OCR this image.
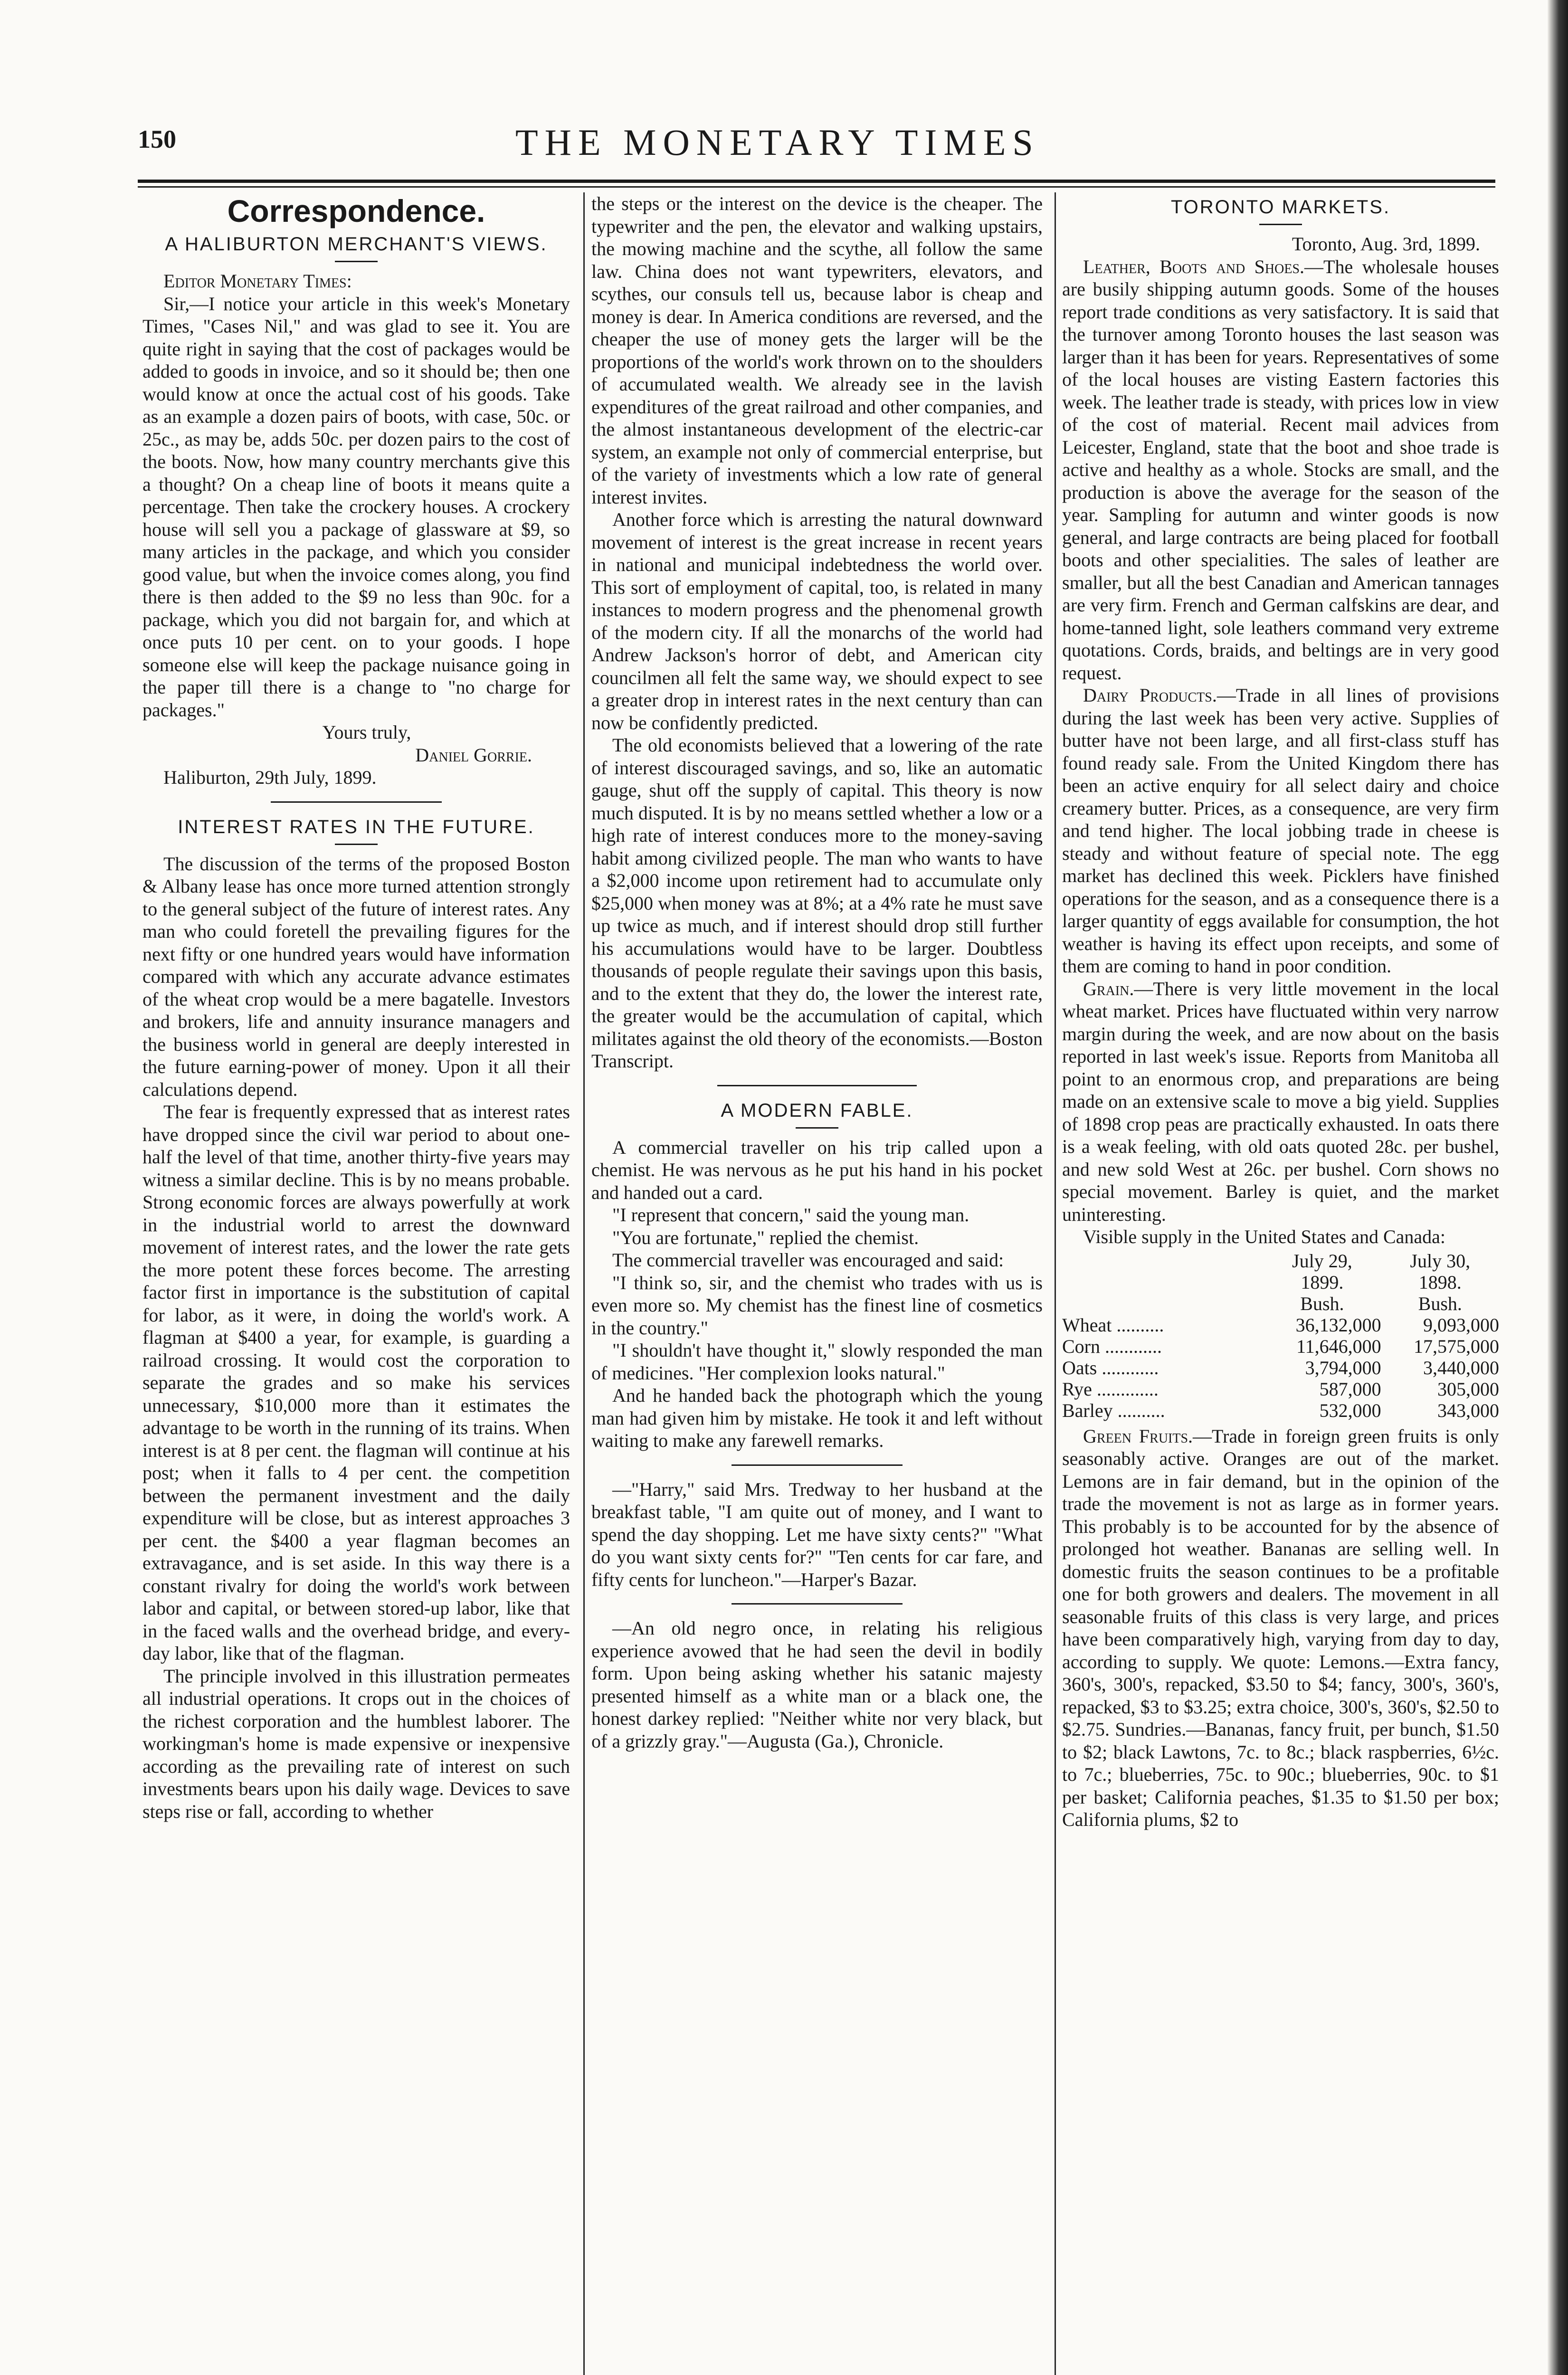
150	THE MONETARY TIMES
Correspondence.
A HALIBURTON MERCHANT'S VIEWS.

Editor Monetary Times:

Sir,—I notice your article in this week's Monetary Times, "Cases Nil," and was glad to see it. You are quite right in saying that the cost of packages would be added to goods in invoice, and so it should be; then one would know at once the actual cost of his goods. Take as an example a dozen pairs of boots, with case, 50c. or 25c., as may be, adds 50c. per dozen pairs to the cost of the boots. Now, how many country merchants give this a thought? On a cheap line of boots it means quite a percentage. Then take the crockery houses. A crockery house will sell you a package of glassware at $9, so many articles in the package, and which you consider good value, but when the invoice comes along, you find there is then added to the $9 no less than 90c. for a package, which you did not bargain for, and which at once puts 10 per cent. on to your goods. I hope someone else will keep the package nuisance going in the paper till there is a change to "no charge for packages."

Yours truly,

Daniel Gorrie.

Haliburton, 29th July, 1899.

INTEREST RATES IN THE FUTURE.

The discussion of the terms of the proposed Boston & Albany lease has once more turned attention strongly to the general subject of the future of interest rates. Any man who could foretell the prevailing figures for the next fifty or one hundred years would have information compared with which any accurate advance estimates of the wheat crop would be a mere bagatelle. Investors and brokers, life and annuity insurance managers and the business world in general are deeply interested in the future earning-power of money. Upon it all their calculations depend.

The fear is frequently expressed that as interest rates have dropped since the civil war period to about one-half the level of that time, another thirty-five years may witness a similar decline. This is by no means probable. Strong economic forces are always powerfully at work in the industrial world to arrest the downward movement of interest rates, and the lower the rate gets the more potent these forces become. The arresting factor first in importance is the substitution of capital for labor, as it were, in doing the world's work. A flagman at $400 a year, for example, is guarding a railroad crossing. It would cost the corporation to separate the grades and so make his services unnecessary, $10,000 more than it estimates the advantage to be worth in the running of its trains. When interest is at 8 per cent. the flagman will continue at his post; when it falls to 4 per cent. the competition between the permanent investment and the daily expenditure will be close, but as interest approaches 3 per cent. the $400 a year flagman becomes an extravagance, and is set aside. In this way there is a constant rivalry for doing the world's work between labor and capital, or between stored-up labor, like that in the faced walls and the overhead bridge, and every-day labor, like that of the flagman.

The principle involved in this illustration permeates all industrial operations. It crops out in the choices of the richest corporation and the humblest laborer. The workingman's home is made expensive or inexpensive according as the prevailing rate of interest on such investments bears upon his daily wage. Devices to save steps rise or fall, according to whether

the steps or the interest on the device is the cheaper. The typewriter and the pen, the elevator and walking upstairs, the mowing machine and the scythe, all follow the same law. China does not want typewriters, elevators, and scythes, our consuls tell us, because labor is cheap and money is dear. In America conditions are reversed, and the cheaper the use of money gets the larger will be the proportions of the world's work thrown on to the shoulders of accumulated wealth. We already see in the lavish expenditures of the great railroad and other companies, and the almost instantaneous development of the electric-car system, an example not only of commercial enterprise, but of the variety of investments which a low rate of general interest invites.

Another force which is arresting the natural downward movement of interest is the great increase in recent years in national and municipal indebtedness the world over. This sort of employment of capital, too, is related in many instances to modern progress and the phenomenal growth of the modern city. If all the monarchs of the world had Andrew Jackson's horror of debt, and American city councilmen all felt the same way, we should expect to see a greater drop in interest rates in the next century than can now be confidently predicted.

The old economists believed that a lowering of the rate of interest discouraged savings, and so, like an automatic gauge, shut off the supply of capital. This theory is now much disputed. It is by no means settled whether a low or a high rate of interest conduces more to the money-saving habit among civilized people. The man who wants to have a $2,000 income upon retirement had to accumulate only $25,000 when money was at 8%; at a 4% rate he must save up twice as much, and if interest should drop still further his accumulations would have to be larger. Doubtless thousands of people regulate their savings upon this basis, and to the extent that they do, the lower the interest rate, the greater would be the accumulation of capital, which militates against the old theory of the economists.—Boston Transcript.

A MODERN FABLE.

A commercial traveller on his trip called upon a chemist. He was nervous as he put his hand in his pocket and handed out a card.

"I represent that concern," said the young man.

"You are fortunate," replied the chemist.

The commercial traveller was encouraged and said:

"I think so, sir, and the chemist who trades with us is even more so. My chemist has the finest line of cosmetics in the country."

"I shouldn't have thought it," slowly responded the man of medicines. "Her complexion looks natural."

And he handed back the photograph which the young man had given him by mistake. He took it and left without waiting to make any farewell remarks.

—"Harry," said Mrs. Tredway to her husband at the breakfast table, "I am quite out of money, and I want to spend the day shopping. Let me have sixty cents?" "What do you want sixty cents for?" "Ten cents for car fare, and fifty cents for luncheon."—Harper's Bazar.

—An old negro once, in relating his religious experience avowed that he had seen the devil in bodily form. Upon being asking whether his satanic majesty presented himself as a white man or a black one, the honest darkey replied: "Neither white nor very black, but of a grizzly gray."—Augusta (Ga.), Chronicle.

TORONTO MARKETS.

Toronto, Aug. 3rd, 1899.

Leather, Boots and Shoes.—The wholesale houses are busily shipping autumn goods. Some of the houses report trade conditions as very satisfactory. It is said that the turnover among Toronto houses the last season was larger than it has been for years. Representatives of some of the local houses are visting Eastern factories this week. The leather trade is steady, with prices low in view of the cost of material. Recent mail advices from Leicester, England, state that the boot and shoe trade is active and healthy as a whole. Stocks are small, and the production is above the average for the season of the year. Sampling for autumn and winter goods is now general, and large contracts are being placed for football boots and other specialities. The sales of leather are smaller, but all the best Canadian and American tannages are very firm. French and German calfskins are dear, and home-tanned light, sole leathers command very extreme quotations. Cords, braids, and beltings are in very good request.

Dairy Products.—Trade in all lines of provisions during the last week has been very active. Supplies of butter have not been large, and all first-class stuff has found ready sale. From the United Kingdom there has been an active enquiry for all select dairy and choice creamery butter. Prices, as a consequence, are very firm and tend higher. The local jobbing trade in cheese is steady and without feature of special note. The egg market has declined this week. Picklers have finished operations for the season, and as a consequence there is a larger quantity of eggs available for consumption, the hot weather is having its effect upon receipts, and some of them are coming to hand in poor condition.

Grain.—There is very little movement in the local wheat market. Prices have fluctuated within very narrow margin during the week, and are now about on the basis reported in last week's issue. Reports from Manitoba all point to an enormous crop, and preparations are being made on an extensive scale to move a big yield. Supplies of 1898 crop peas are practically exhausted. In oats there is a weak feeling, with old oats quoted 28c. per bushel, and new sold West at 26c. per bushel. Corn shows no special movement. Barley is quiet, and the market uninteresting.

Visible supply in the United States and Canada:

	July 29,	July 30,
	1899.	1898.
	Bush.	Bush.
Wheat ..........	36,132,000	9,093,000
Corn ............	11,646,000	17,575,000
Oats ............	3,794,000	3,440,000
Rye .............	587,000	305,000
Barley ..........	532,000	343,000

Green Fruits.—Trade in foreign green fruits is only seasonably active. Oranges are out of the market. Lemons are in fair demand, but in the opinion of the trade the movement is not as large as in former years. This probably is to be accounted for by the absence of prolonged hot weather. Bananas are selling well. In domestic fruits the season continues to be a profitable one for both growers and dealers. The movement in all seasonable fruits of this class is very large, and prices have been comparatively high, varying from day to day, according to supply. We quote: Lemons.—Extra fancy, 360's, 300's, repacked, $3.50 to $4; fancy, 300's, 360's, repacked, $3 to $3.25; extra choice, 300's, 360's, $2.50 to $2.75. Sundries.—Bananas, fancy fruit, per bunch, $1.50 to $2; black Lawtons, 7c. to 8c.; black raspberries, 6½c. to 7c.; blueberries, 75c. to 90c.; blueberries, 90c. to $1 per basket; California peaches, $1.35 to $1.50 per box; California plums, $2 to
